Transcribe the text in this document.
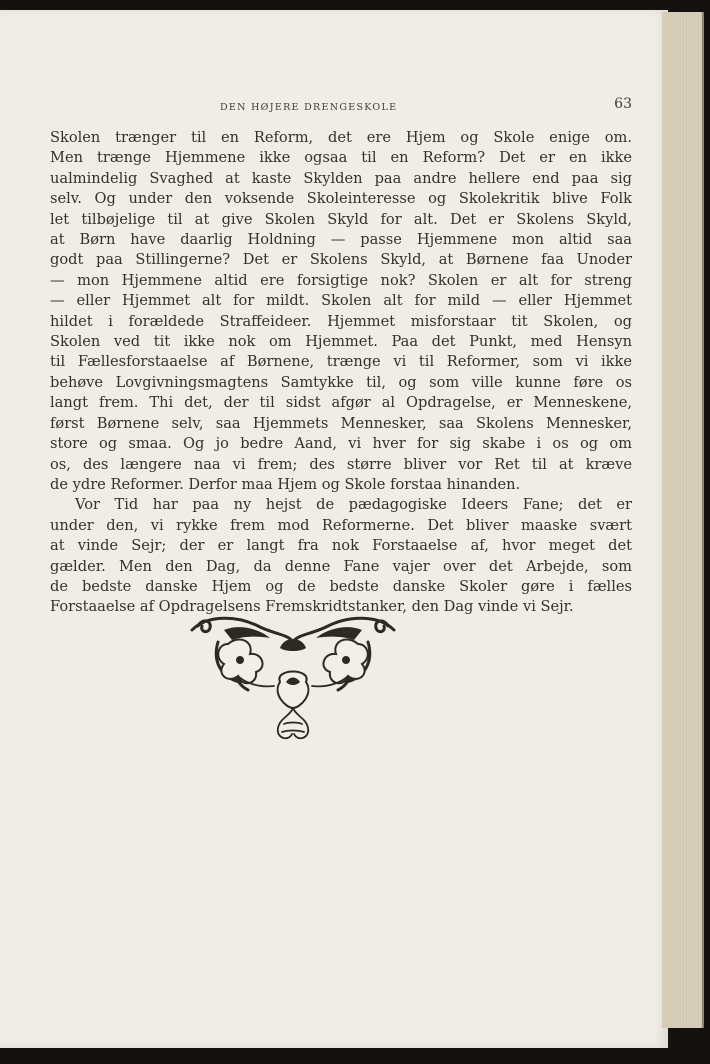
DEN HØJERE DRENGESKOLE	63
Skolen trænger til en Reform, det ere Hjem og Skole enige om.
Men trænge Hjemmene ikke ogsaa til en Reform? Det er en ikke
ualmindelig Svaghed at kaste Skylden paa andre hellere end paa sig
selv. Og under den voksende Skoleinteresse og Skolekritik blive Folk
let tilbøjelige til at give Skolen Skyld for alt. Det er Skolens Skyld,
at Børn have daarlig Holdning — passe Hjemmene mon altid saa
godt paa Stillingerne? Det er Skolens Skyld, at Børnene faa Unoder
— mon Hjemmene altid ere forsigtige nok? Skolen er alt for streng
— eller Hjemmet alt for mildt. Skolen alt for mild — eller Hjemmet
hildet i forældede Straffeideer. Hjemmet misforstaar tit Skolen, og
Skolen ved tit ikke nok om Hjemmet. Paa det Punkt, med Hensyn
til Fællesforstaaelse af Børnene, trænge vi til Reformer, som vi ikke
behøve Lovgivningsmagtens Samtykke til, og som ville kunne føre os
langt frem. Thi det, der til sidst afgør al Opdragelse, er Menneskene,
først Børnene selv, saa Hjemmets Mennesker, saa Skolens Mennesker,
store og smaa. Og jo bedre Aand, vi hver for sig skabe i os og om
os, des længere naa vi frem; des større bliver vor Ret til at kræve
de ydre Reformer. Derfor maa Hjem og Skole forstaa hinanden.
Vor Tid har paa ny hejst de pædagogiske Ideers Fane; det er
under den, vi rykke frem mod Reformerne. Det bliver maaske svært
at vinde Sejr; der er langt fra nok Forstaaelse af, hvor meget det
gælder. Men den Dag, da denne Fane vajer over det Arbejde, som
de bedste danske Hjem og de bedste danske Skoler gøre i fælles
Forstaaelse af Opdragelsens Fremskridtstanker, den Dag vinde vi Sejr.
